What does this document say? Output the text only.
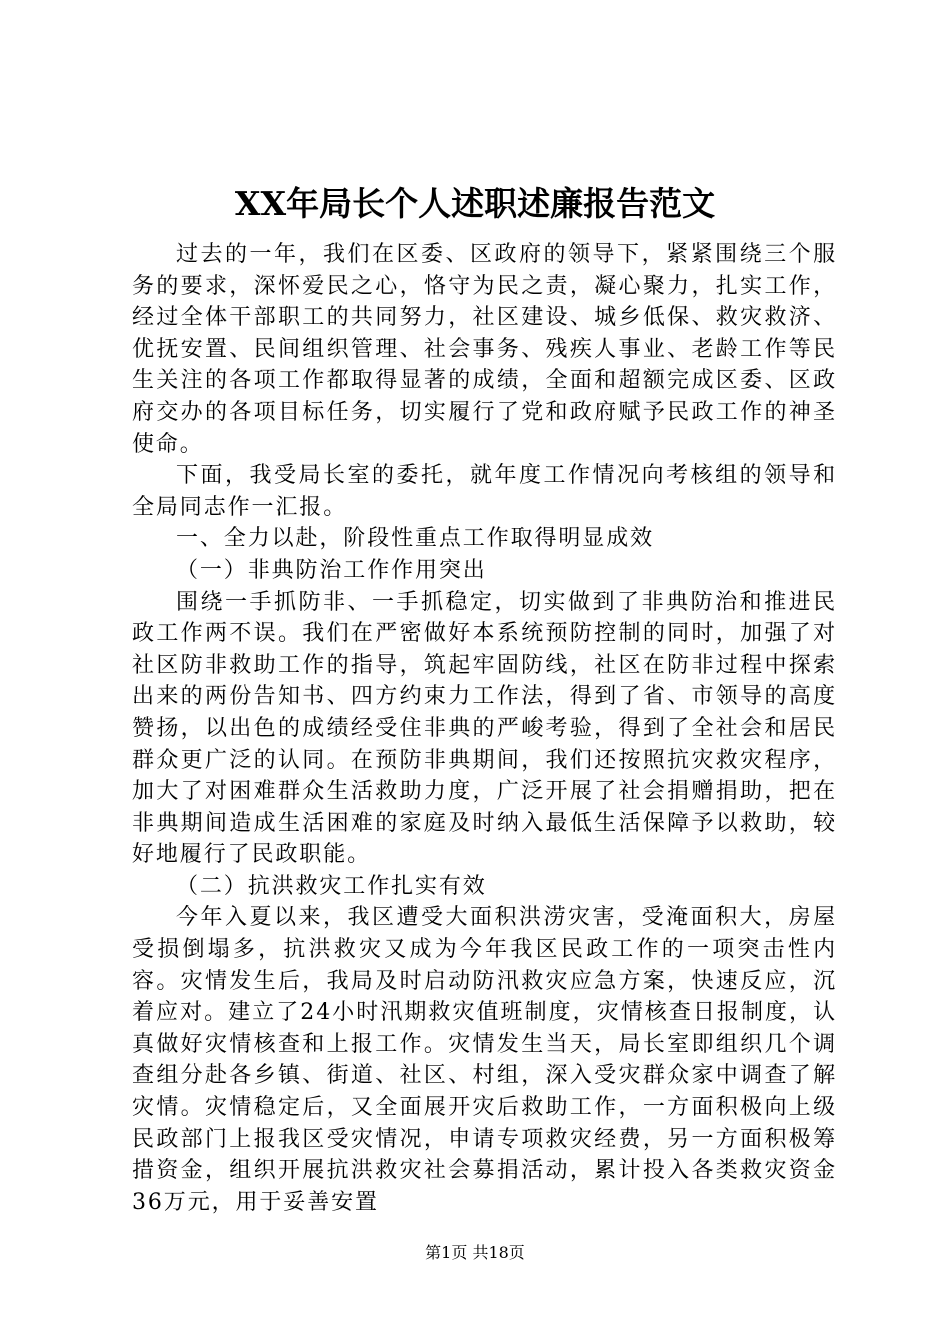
XX年局长个人述职述廉报告范文

过去的一年，我们在区委、区政府的领导下，紧紧围绕三个服务的要求，深怀爱民之心，恪守为民之责，凝心聚力，扎实工作，经过全体干部职工的共同努力，社区建设、城乡低保、救灾救济、优抚安置、民间组织管理、社会事务、残疾人事业、老龄工作等民生关注的各项工作都取得显著的成绩，全面和超额完成区委、区政府交办的各项目标任务，切实履行了党和政府赋予民政工作的神圣使命。

下面，我受局长室的委托，就年度工作情况向考核组的领导和全局同志作一汇报。

一、全力以赴，阶段性重点工作取得明显成效

（一）非典防治工作作用突出

围绕一手抓防非、一手抓稳定，切实做到了非典防治和推进民政工作两不误。我们在严密做好本系统预防控制的同时，加强了对社区防非救助工作的指导，筑起牢固防线，社区在防非过程中探索出来的两份告知书、四方约束力工作法，得到了省、市领导的高度赞扬，以出色的成绩经受住非典的严峻考验，得到了全社会和居民群众更广泛的认同。在预防非典期间，我们还按照抗灾救灾程序，加大了对困难群众生活救助力度，广泛开展了社会捐赠捐助，把在非典期间造成生活困难的家庭及时纳入最低生活保障予以救助，较好地履行了民政职能。

（二）抗洪救灾工作扎实有效

今年入夏以来，我区遭受大面积洪涝灾害，受淹面积大，房屋受损倒塌多，抗洪救灾又成为今年我区民政工作的一项突击性内容。灾情发生后，我局及时启动防汛救灾应急方案，快速反应，沉着应对。建立了24小时汛期救灾值班制度，灾情核查日报制度，认真做好灾情核查和上报工作。灾情发生当天，局长室即组织几个调查组分赴各乡镇、街道、社区、村组，深入受灾群众家中调查了解灾情。灾情稳定后，又全面展开灾后救助工作，一方面积极向上级民政部门上报我区受灾情况，申请专项救灾经费，另一方面积极筹措资金，组织开展抗洪救灾社会募捐活动，累计投入各类救灾资金36万元，用于妥善安置

第1页 共18页
